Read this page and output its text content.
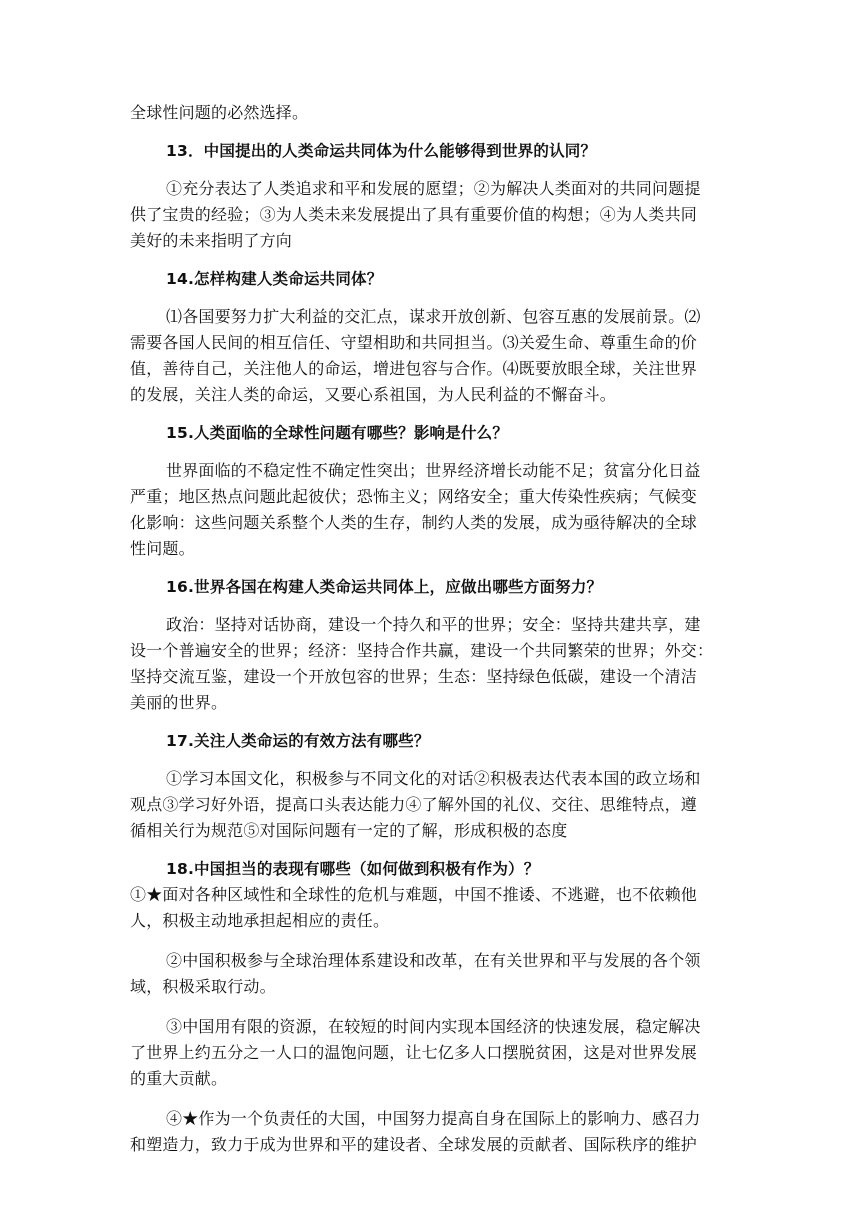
全球性问题的必然选择。
13．中国提出的人类命运共同体为什么能够得到世界的认同？
①充分表达了人类追求和平和发展的愿望；②为解决人类面对的共同问题提
供了宝贵的经验；③为人类未来发展提出了具有重要价值的构想；④为人类共同
美好的未来指明了方向
14.怎样构建人类命运共同体？
⑴各国要努力扩大利益的交汇点，谋求开放创新、包容互惠的发展前景。⑵
需要各国人民间的相互信任、守望相助和共同担当。⑶关爱生命、尊重生命的价
值，善待自己，关注他人的命运，增进包容与合作。⑷既要放眼全球，关注世界
的发展，关注人类的命运，又要心系祖国，为人民利益的不懈奋斗。
15.人类面临的全球性问题有哪些？影响是什么？
世界面临的不稳定性不确定性突出；世界经济增长动能不足；贫富分化日益
严重；地区热点问题此起彼伏；恐怖主义；网络安全；重大传染性疾病；气候变
化影响：这些问题关系整个人类的生存，制约人类的发展，成为亟待解决的全球
性问题。
16.世界各国在构建人类命运共同体上，应做出哪些方面努力？
政治：坚持对话协商，建设一个持久和平的世界；安全：坚持共建共享，建
设一个普遍安全的世界；经济：坚持合作共赢，建设一个共同繁荣的世界；外交：
坚持交流互鉴，建设一个开放包容的世界；生态：坚持绿色低碳，建设一个清洁
美丽的世界。
17.关注人类命运的有效方法有哪些？
①学习本国文化，积极参与不同文化的对话②积极表达代表本国的政立场和
观点③学习好外语，提高口头表达能力④了解外国的礼仪、交往、思维特点，遵
循相关行为规范⑤对国际问题有一定的了解，形成积极的态度
18.中国担当的表现有哪些（如何做到积极有作为）？
①★面对各种区域性和全球性的危机与难题，中国不推诿、不逃避，也不依赖他
人，积极主动地承担起相应的责任。
②中国积极参与全球治理体系建设和改革，在有关世界和平与发展的各个领
域，积极采取行动。
③中国用有限的资源，在较短的时间内实现本国经济的快速发展，稳定解决
了世界上约五分之一人口的温饱问题，让七亿多人口摆脱贫困，这是对世界发展
的重大贡献。
④★作为一个负责任的大国，中国努力提高自身在国际上的影响力、感召力
和塑造力，致力于成为世界和平的建设者、全球发展的贡献者、国际秩序的维护
